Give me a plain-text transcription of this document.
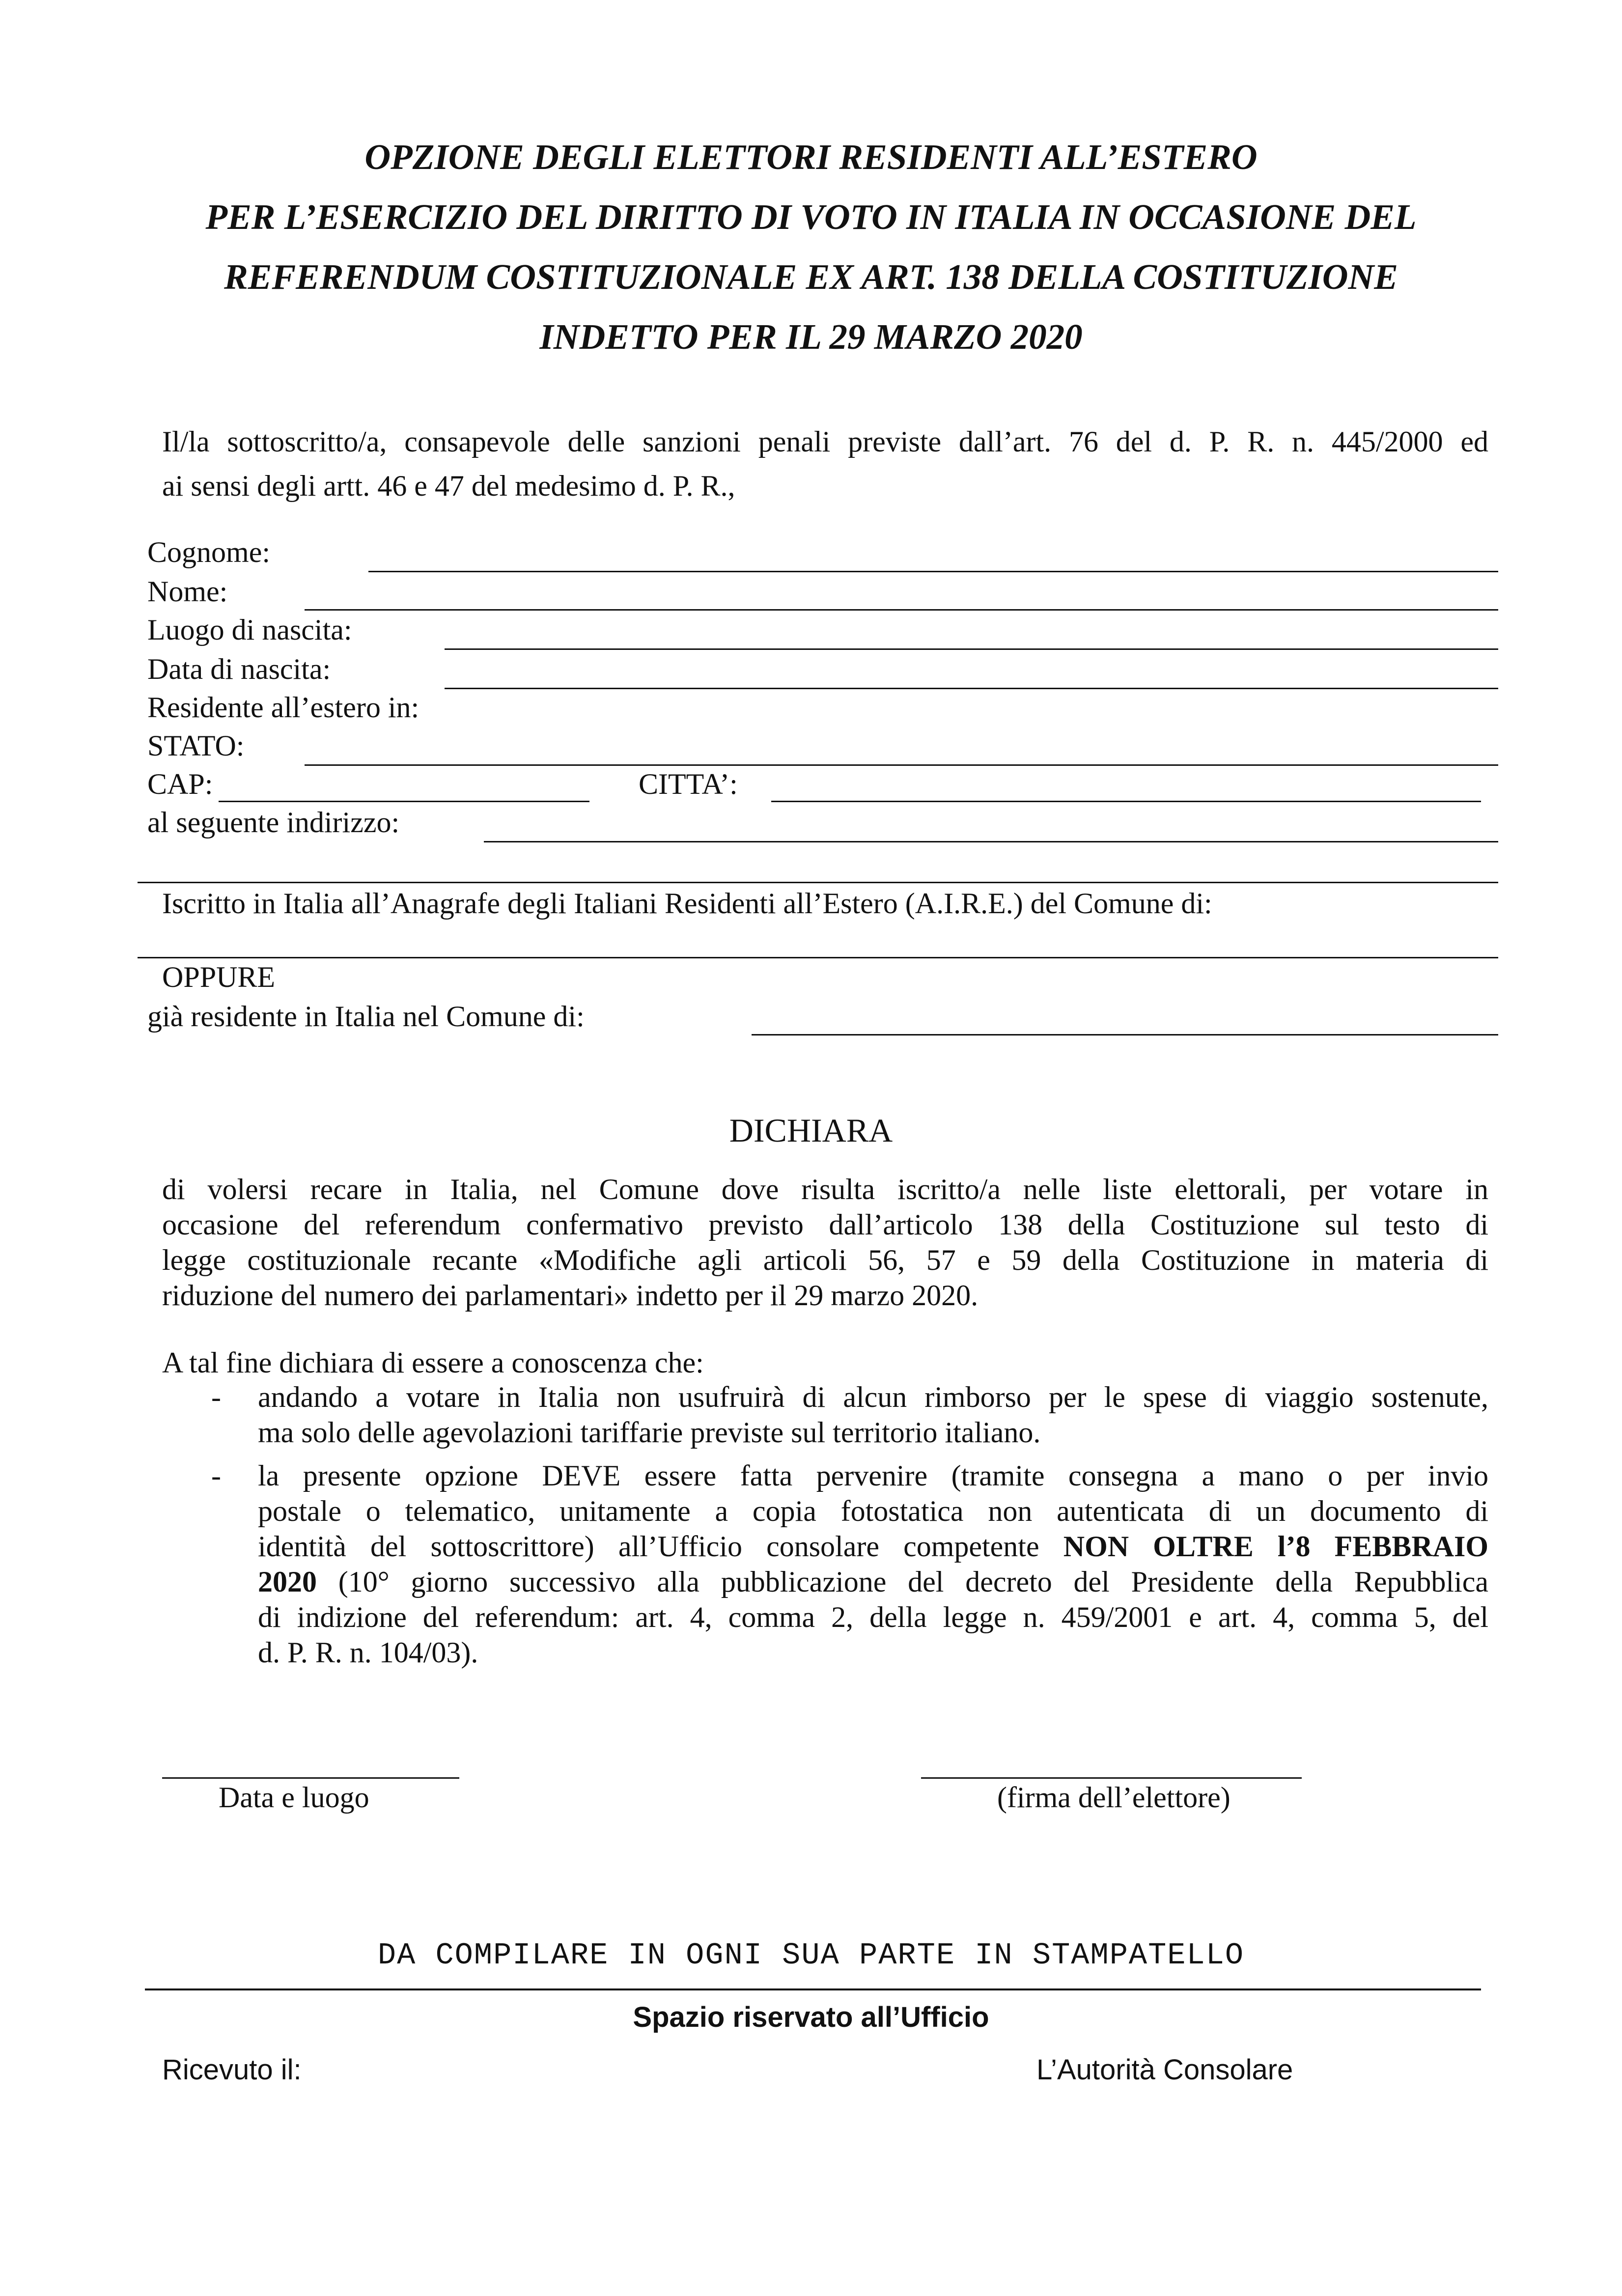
OPZIONE DEGLI ELETTORI RESIDENTI ALL’ESTERO
PER L’ESERCIZIO DEL DIRITTO DI VOTO IN ITALIA IN OCCASIONE DEL
REFERENDUM COSTITUZIONALE EX ART. 138 DELLA COSTITUZIONE
INDETTO PER IL 29 MARZO 2020
Il/la sottoscritto/a, consapevole delle sanzioni penali previste dall’art. 76 del d. P. R. n. 445/2000 ed
ai sensi degli artt. 46 e 47 del medesimo d. P. R.,
Cognome:
Nome:
Luogo di nascita:
Data di nascita:
Residente all’estero in:
STATO:
CAP:	CITTA’:
al seguente indirizzo:
Iscritto in Italia all’Anagrafe degli Italiani Residenti all’Estero (A.I.R.E.) del Comune di:
OPPURE
già residente in Italia nel Comune di:
DICHIARA
di volersi recare in Italia, nel Comune dove risulta iscritto/a nelle liste elettorali, per votare in
occasione del referendum confermativo previsto dall’articolo 138 della Costituzione sul testo di
legge costituzionale recante «Modifiche agli articoli 56, 57 e 59 della Costituzione in materia di
riduzione del numero dei parlamentari» indetto per il 29 marzo 2020.
A tal fine dichiara di essere a conoscenza che:
- andando a votare in Italia non usufruirà di alcun rimborso per le spese di viaggio sostenute,
ma solo delle agevolazioni tariffarie previste sul territorio italiano.
- la presente opzione DEVE essere fatta pervenire (tramite consegna a mano o per invio
postale o telematico, unitamente a copia fotostatica non autenticata di un documento di
identità del sottoscrittore) all’Ufficio consolare competente NON OLTRE l’8 FEBBRAIO
2020 (10° giorno successivo alla pubblicazione del decreto del Presidente della Repubblica
di indizione del referendum: art. 4, comma 2, della legge n. 459/2001 e art. 4, comma 5, del
d. P. R. n. 104/03).
Data e luogo	(firma dell’elettore)
DA COMPILARE IN OGNI SUA PARTE IN STAMPATELLO
Spazio riservato all’Ufficio
Ricevuto il:	L’Autorità Consolare
